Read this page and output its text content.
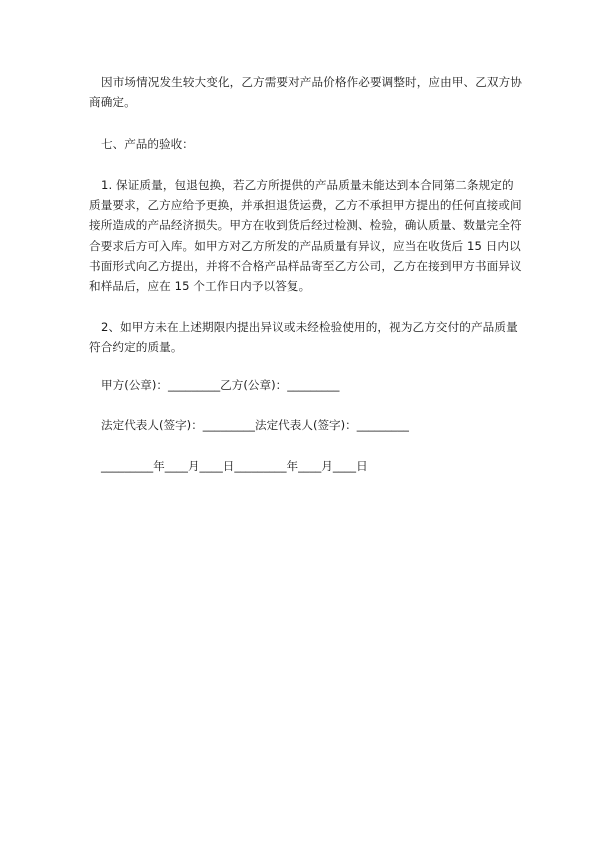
因市场情况发生较大变化，乙方需要对产品价格作必要调整时，应由甲、乙双方协商确定。

七、产品的验收：

1. 保证质量，包退包换，若乙方所提供的产品质量未能达到本合同第二条规定的质量要求，乙方应给予更换，并承担退货运费，乙方不承担甲方提出的任何直接或间接所造成的产品经济损失。甲方在收到货后经过检测、检验，确认质量、数量完全符合要求后方可入库。如甲方对乙方所发的产品质量有异议，应当在收货后 15 日内以书面形式向乙方提出，并将不合格产品样品寄至乙方公司，乙方在接到甲方书面异议和样品后，应在 15 个工作日内予以答复。

2、如甲方未在上述期限内提出异议或未经检验使用的，视为乙方交付的产品质量符合约定的质量。

甲方(公章)：_________乙方(公章)：_________

法定代表人(签字)：_________法定代表人(签字)：_________

_________年____月____日_________年____月____日
